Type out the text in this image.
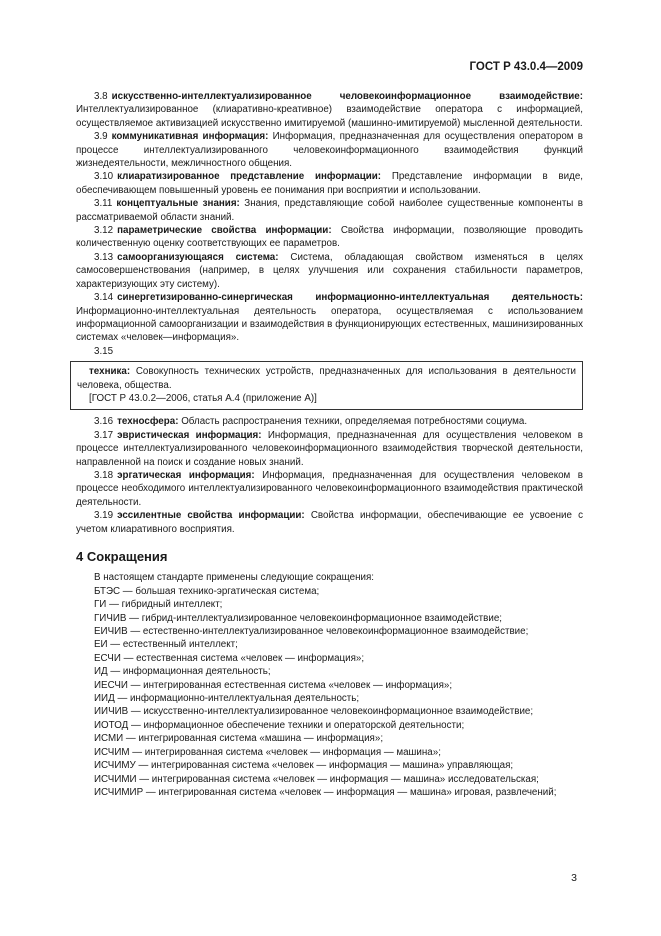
ГОСТ Р 43.0.4—2009

3.8 искусственно-интеллектуализированное человекоинформационное взаимодействие: Интеллектуализированное (клиаративно-креативное) взаимодействие оператора с информацией, осуществляемое активизацией искусственно имитируемой (машинно-имитируемой) мысленной деятельности.

3.9 коммуникативная информация: Информация, предназначенная для осуществления оператором в процессе интеллектуализированного человекоинформационного взаимодействия функций жизнедеятельности, межличностного общения.

3.10 клиаратизированное представление информации: Представление информации в виде, обеспечивающем повышенный уровень ее понимания при восприятии и использовании.

3.11 концептуальные знания: Знания, представляющие собой наиболее существенные компоненты в рассматриваемой области знаний.

3.12 параметрические свойства информации: Свойства информации, позволяющие проводить количественную оценку соответствующих ее параметров.

3.13 самоорганизующаяся система: Система, обладающая свойством изменяться в целях самосовершенствования (например, в целях улучшения или сохранения стабильности параметров, характеризующих эту систему).

3.14 синергетизированно-синергическая информационно-интеллектуальная деятельность: Информационно-интеллектуальная деятельность оператора, осуществляемая с использованием информационной самоорганизации и взаимодействия в функционирующих естественных, машинизированных системах «человек—информация».

3.15

техника: Совокупность технических устройств, предназначенных для использования в деятельности человека, общества.

[ГОСТ Р 43.0.2—2006, статья А.4 (приложение А)]

3.16 техносфера: Область распространения техники, определяемая потребностями социума.

3.17 эвристическая информация: Информация, предназначенная для осуществления человеком в процессе интеллектуализированного человекоинформационного взаимодействия творческой деятельности, направленной на поиск и создание новых знаний.

3.18 эргатическая информация: Информация, предназначенная для осуществления человеком в процессе необходимого интеллектуализированного человекоинформационного взаимодействия практической деятельности.

3.19 эссилентные свойства информации: Свойства информации, обеспечивающие ее усвоение с учетом клиаративного восприятия.

4 Сокращения

В настоящем стандарте применены следующие сокращения:

БТЭС — большая технико-эргатическая система;

ГИ — гибридный интеллект;

ГИЧИВ — гибрид-интеллектуализированное человекоинформационное взаимодействие;

ЕИЧИВ — естественно-интеллектуализированное человекоинформационное взаимодействие;

ЕИ — естественный интеллект;

ЕСЧИ — естественная система «человек — информация»;

ИД — информационная деятельность;

ИЕСЧИ — интегрированная естественная система «человек — информация»;

ИИД — информационно-интеллектуальная деятельность;

ИИЧИВ — искусственно-интеллектуализированное человекоинформационное взаимодействие;

ИОТОД — информационное обеспечение техники и операторской деятельности;

ИСМИ — интегрированная система «машина — информация»;

ИСЧИМ — интегрированная система «человек — информация — машина»;

ИСЧИМУ — интегрированная система «человек — информация — машина» управляющая;

ИСЧИМИ — интегрированная система «человек — информация — машина» исследовательская;

ИСЧИМИР — интегрированная система «человек — информация — машина» игровая, развлечений;

3
